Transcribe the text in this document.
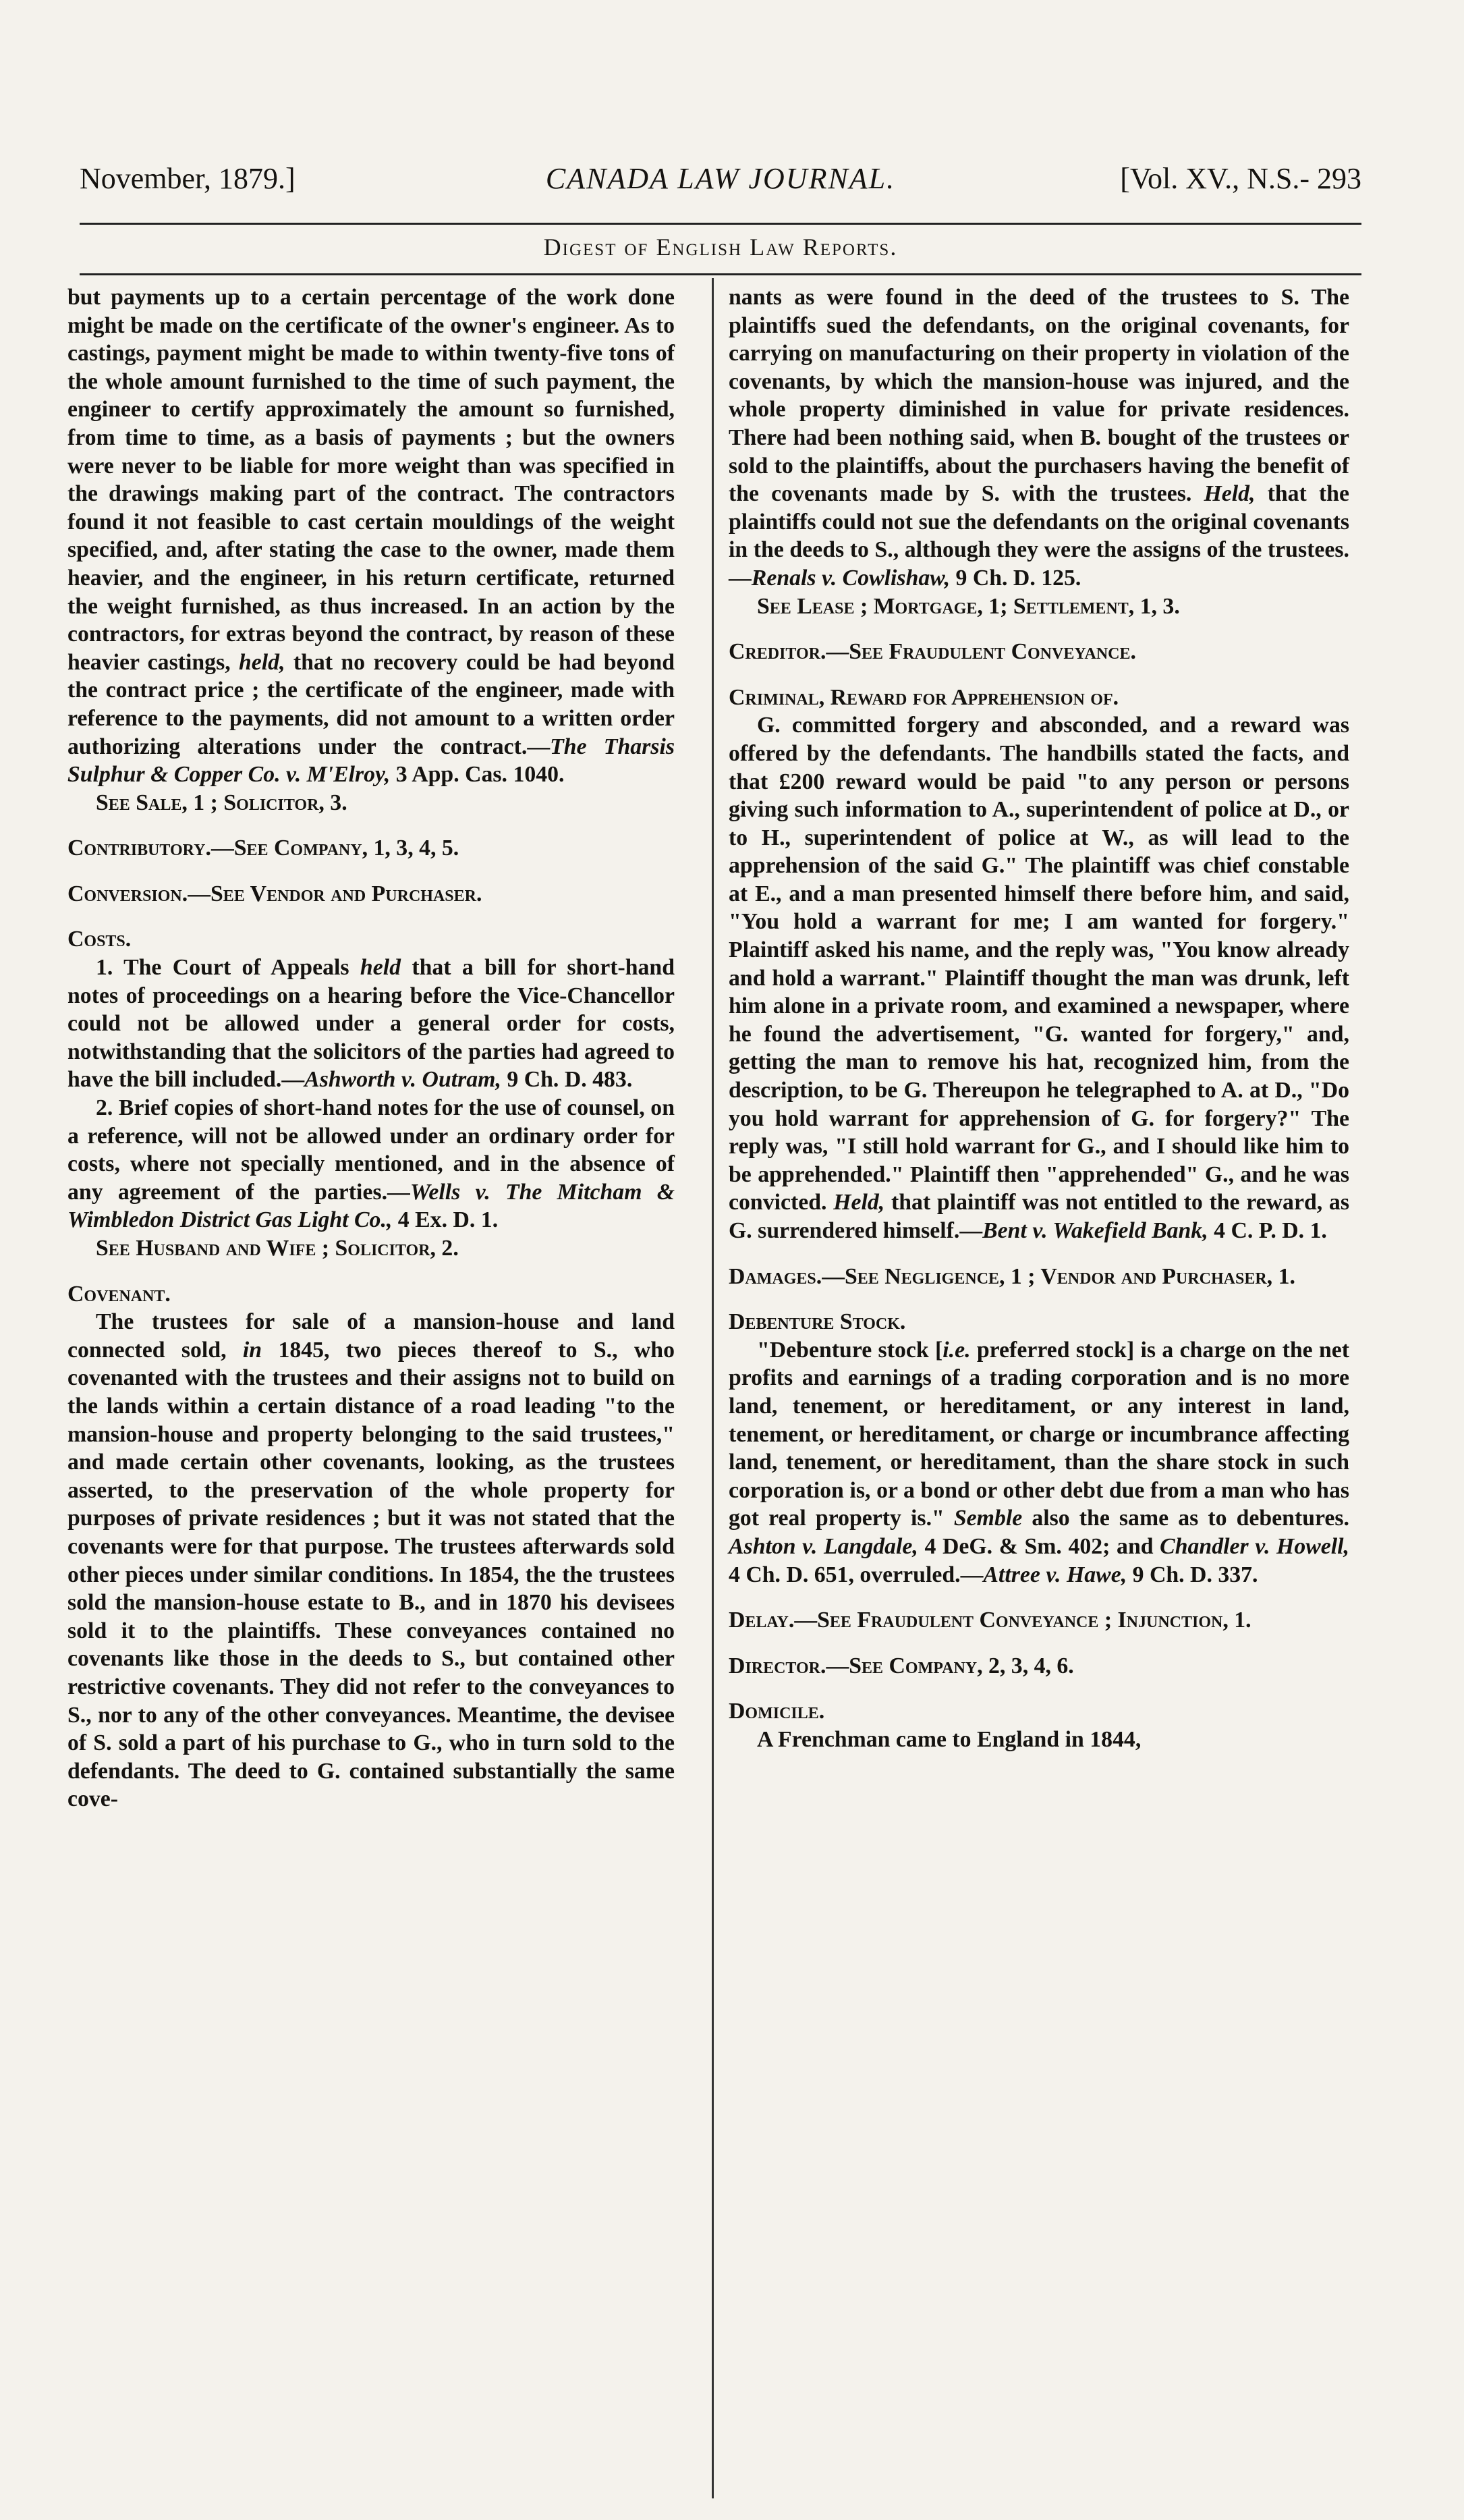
November, 1879.]	CANADA LAW JOURNAL.	[Vol. XV., N.S.- 293
Digest of English Law Reports.

but payments up to a certain percentage of the work done might be made on the certificate of the owner's engineer. As to castings, payment might be made to within twenty-five tons of the whole amount furnished to the time of such payment, the engineer to certify approximately the amount so furnished, from time to time, as a basis of payments ; but the owners were never to be liable for more weight than was specified in the drawings making part of the contract. The contractors found it not feasible to cast certain mouldings of the weight specified, and, after stating the case to the owner, made them heavier, and the engineer, in his return certificate, returned the weight furnished, as thus increased. In an action by the contractors, for extras beyond the contract, by reason of these heavier castings, held, that no recovery could be had beyond the contract price ; the certificate of the engineer, made with reference to the payments, did not amount to a written order authorizing alterations under the contract.—The Tharsis Sulphur & Copper Co. v. M'Elroy, 3 App. Cas. 1040.

See Sale, 1 ; Solicitor, 3.

Contributory.—See Company, 1, 3, 4, 5.

Conversion.—See Vendor and Purchaser.

Costs.

1. The Court of Appeals held that a bill for short-hand notes of proceedings on a hearing before the Vice-Chancellor could not be allowed under a general order for costs, notwithstanding that the solicitors of the parties had agreed to have the bill included.—Ashworth v. Outram, 9 Ch. D. 483.

2. Brief copies of short-hand notes for the use of counsel, on a reference, will not be allowed under an ordinary order for costs, where not specially mentioned, and in the absence of any agreement of the parties.—Wells v. The Mitcham & Wimbledon District Gas Light Co., 4 Ex. D. 1.

See Husband and Wife ; Solicitor, 2.

Covenant.

The trustees for sale of a mansion-house and land connected sold, in 1845, two pieces thereof to S., who covenanted with the trustees and their assigns not to build on the lands within a certain distance of a road leading "to the mansion-house and property belonging to the said trustees," and made certain other covenants, looking, as the trustees asserted, to the preservation of the whole property for purposes of private residences ; but it was not stated that the covenants were for that purpose. The trustees afterwards sold other pieces under similar conditions. In 1854, the the trustees sold the mansion-house estate to B., and in 1870 his devisees sold it to the plaintiffs. These conveyances contained no covenants like those in the deeds to S., but contained other restrictive covenants. They did not refer to the conveyances to S., nor to any of the other conveyances. Meantime, the devisee of S. sold a part of his purchase to G., who in turn sold to the defendants. The deed to G. contained substantially the same cove-

nants as were found in the deed of the trustees to S. The plaintiffs sued the defendants, on the original covenants, for carrying on manufacturing on their property in violation of the covenants, by which the mansion-house was injured, and the whole property diminished in value for private residences. There had been nothing said, when B. bought of the trustees or sold to the plaintiffs, about the purchasers having the benefit of the covenants made by S. with the trustees. Held, that the plaintiffs could not sue the defendants on the original covenants in the deeds to S., although they were the assigns of the trustees. —Renals v. Cowlishaw, 9 Ch. D. 125.

See Lease ; Mortgage, 1; Settlement, 1, 3.

Creditor.—See Fraudulent Conveyance.

Criminal, Reward for Apprehension of.

G. committed forgery and absconded, and a reward was offered by the defendants. The handbills stated the facts, and that £200 reward would be paid "to any person or persons giving such information to A., superintendent of police at D., or to H., superintendent of police at W., as will lead to the apprehension of the said G." The plaintiff was chief constable at E., and a man presented himself there before him, and said, "You hold a warrant for me; I am wanted for forgery." Plaintiff asked his name, and the reply was, "You know already and hold a warrant." Plaintiff thought the man was drunk, left him alone in a private room, and examined a newspaper, where he found the advertisement, "G. wanted for forgery," and, getting the man to remove his hat, recognized him, from the description, to be G. Thereupon he telegraphed to A. at D., "Do you hold warrant for apprehension of G. for forgery?" The reply was, "I still hold warrant for G., and I should like him to be apprehended." Plaintiff then "apprehended" G., and he was convicted. Held, that plaintiff was not entitled to the reward, as G. surrendered himself.—Bent v. Wakefield Bank, 4 C. P. D. 1.

Damages.—See Negligence, 1 ; Vendor and Purchaser, 1.

Debenture Stock.

"Debenture stock [i.e. preferred stock] is a charge on the net profits and earnings of a trading corporation and is no more land, tenement, or hereditament, or any interest in land, tenement, or hereditament, or charge or incumbrance affecting land, tenement, or hereditament, than the share stock in such corporation is, or a bond or other debt due from a man who has got real property is." Semble also the same as to debentures. Ashton v. Langdale, 4 DeG. & Sm. 402; and Chandler v. Howell, 4 Ch. D. 651, overruled.—Attree v. Hawe, 9 Ch. D. 337.

Delay.—See Fraudulent Conveyance ; Injunction, 1.

Director.—See Company, 2, 3, 4, 6.

Domicile.

A Frenchman came to England in 1844,
